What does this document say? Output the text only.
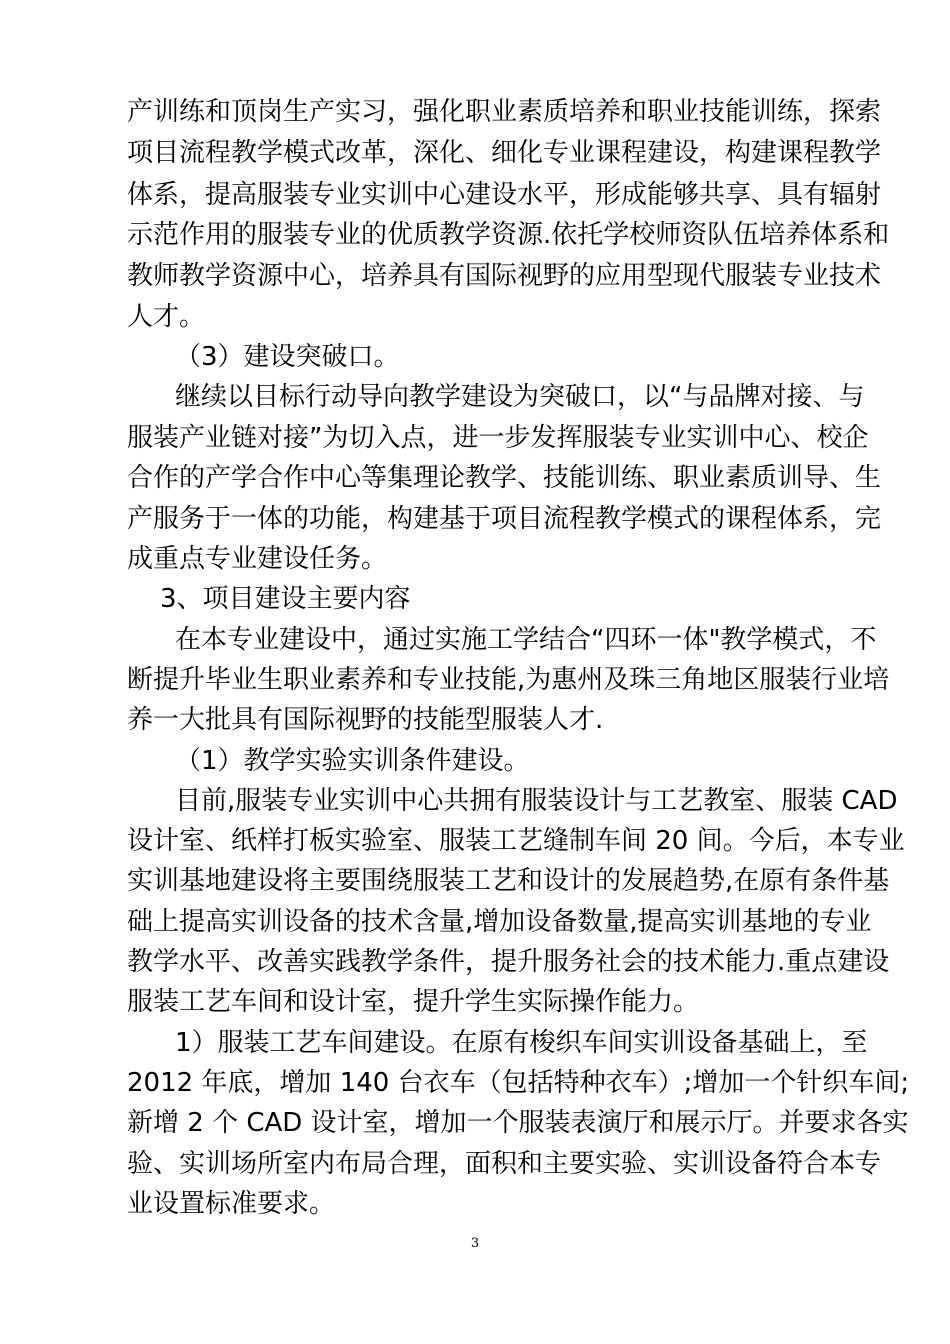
产训练和顶岗生产实习，强化职业素质培养和职业技能训练，探索
项目流程教学模式改革，深化、细化专业课程建设，构建课程教学
体系，提高服装专业实训中心建设水平，形成能够共享、具有辐射
示范作用的服装专业的优质教学资源.依托学校师资队伍培养体系和
教师教学资源中心，培养具有国际视野的应用型现代服装专业技术
人才。
（3）建设突破口。
继续以目标行动导向教学建设为突破口，以“与品牌对接、与
服装产业链对接”为切入点，进一步发挥服装专业实训中心、校企
合作的产学合作中心等集理论教学、技能训练、职业素质训导、生
产服务于一体的功能，构建基于项目流程教学模式的课程体系，完
成重点专业建设任务。
3、项目建设主要内容
在本专业建设中，通过实施工学结合“四环一体"教学模式，不
断提升毕业生职业素养和专业技能,为惠州及珠三角地区服装行业培
养一大批具有国际视野的技能型服装人才.
（1）教学实验实训条件建设。
目前,服装专业实训中心共拥有服装设计与工艺教室、服装 CAD
设计室、纸样打板实验室、服装工艺缝制车间 20 间。今后，本专业
实训基地建设将主要围绕服装工艺和设计的发展趋势,在原有条件基
础上提高实训设备的技术含量,增加设备数量,提高实训基地的专业
教学水平、改善实践教学条件，提升服务社会的技术能力.重点建设
服装工艺车间和设计室，提升学生实际操作能力。
1）服装工艺车间建设。在原有梭织车间实训设备基础上，至
2012 年底，增加 140 台衣车（包括特种衣车）;增加一个针织车间;
新增 2 个 CAD 设计室，增加一个服装表演厅和展示厅。并要求各实
验、实训场所室内布局合理，面积和主要实验、实训设备符合本专
业设置标准要求。
3
